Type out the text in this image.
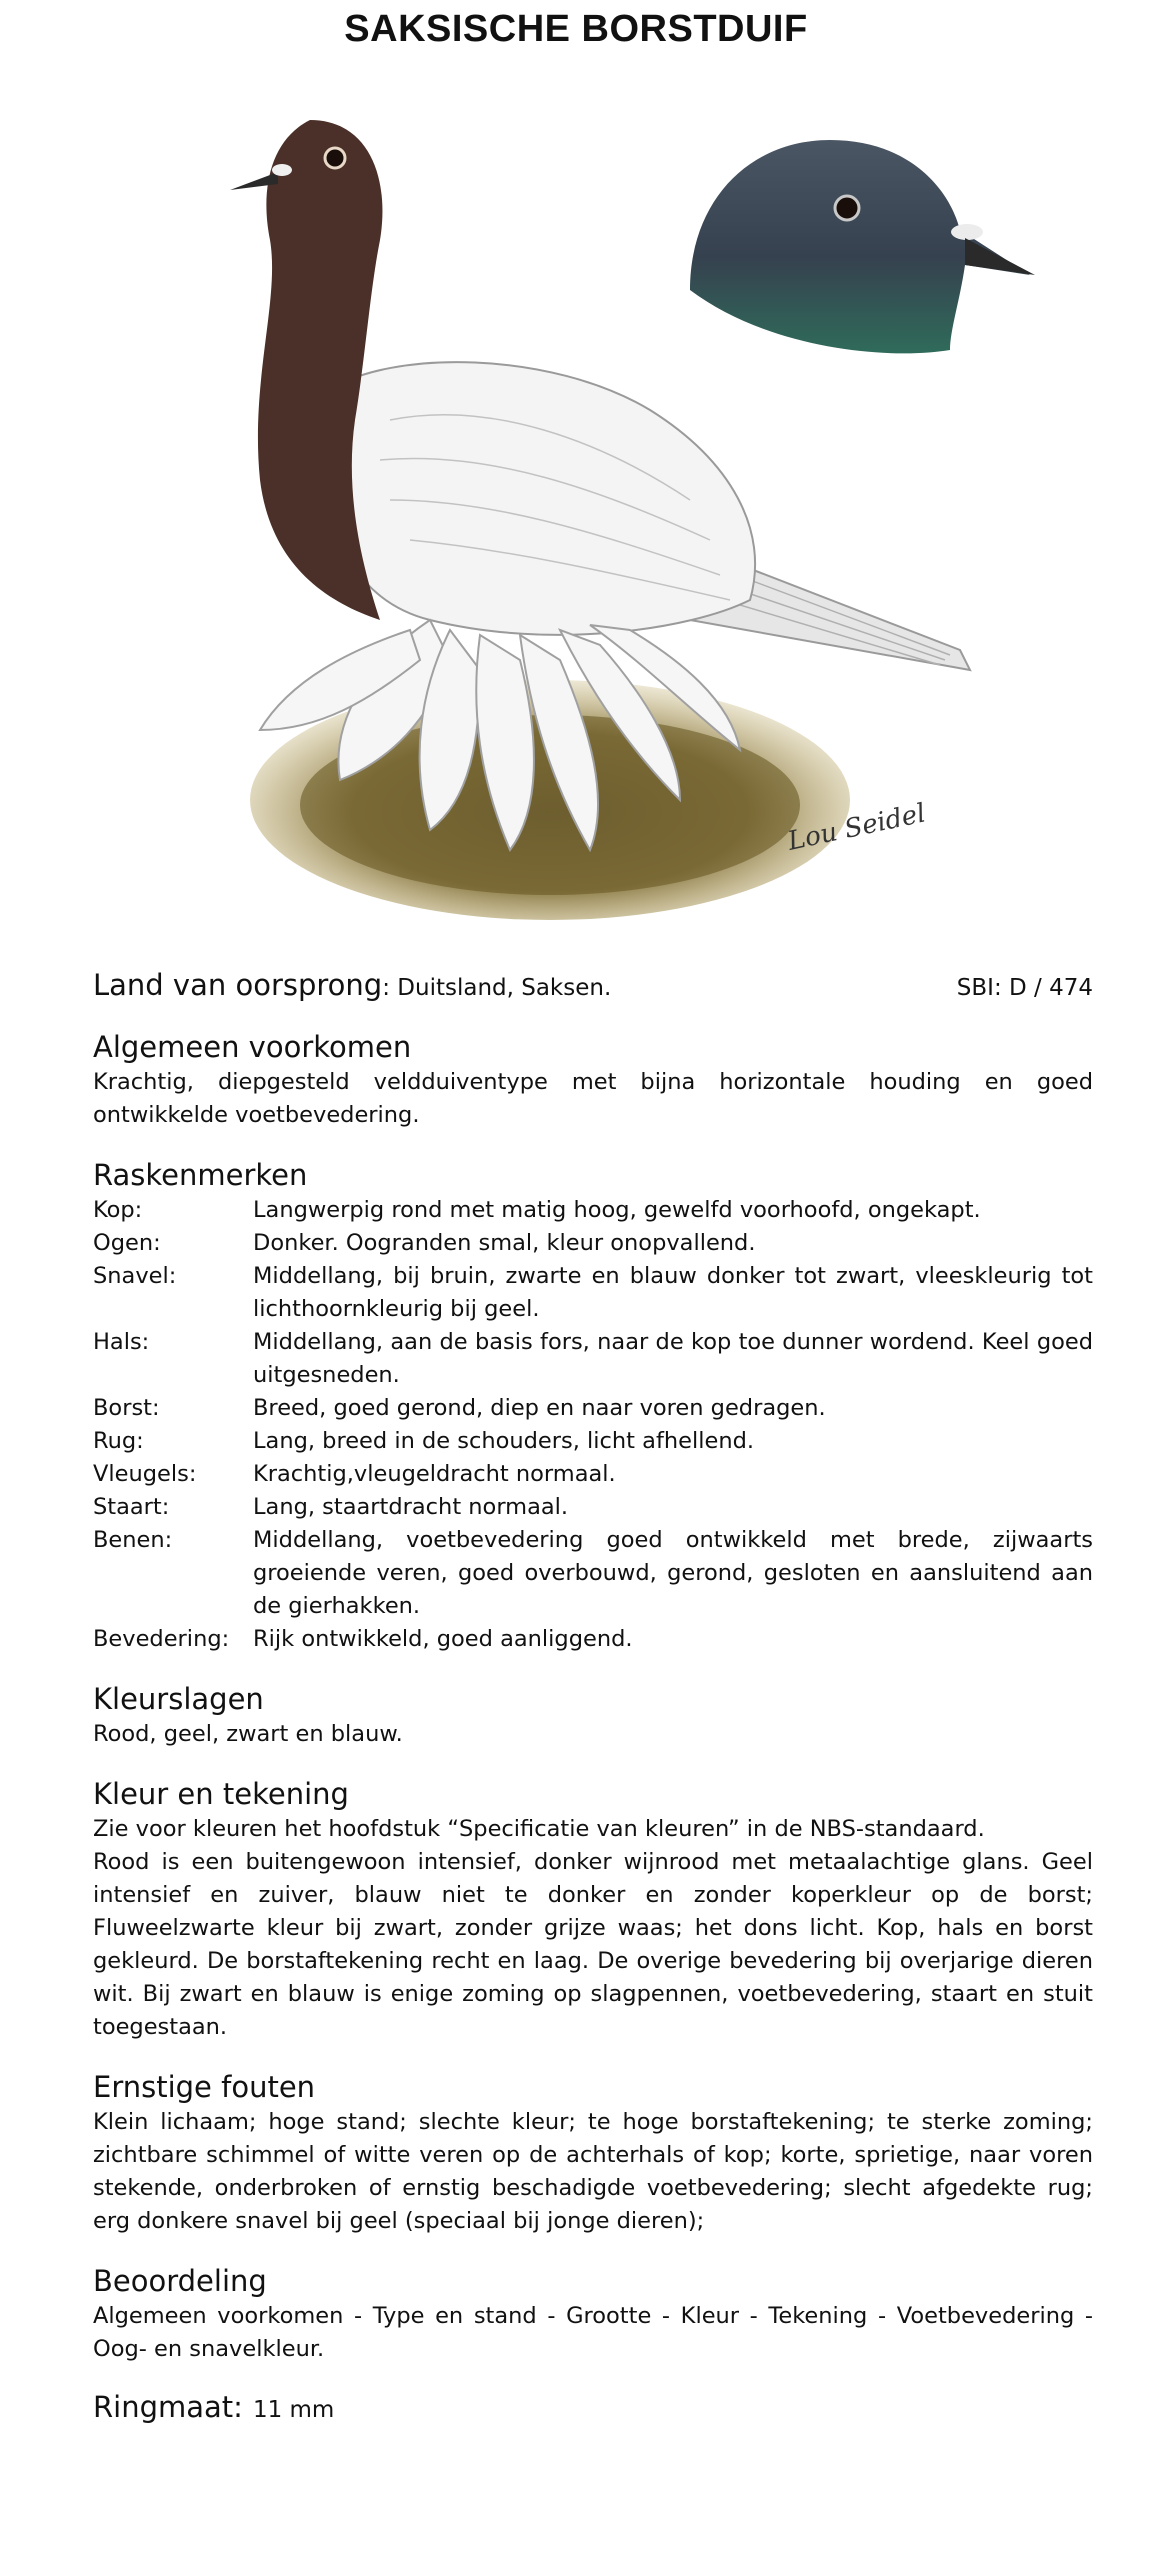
SAKSISCHE BORSTDUIF
Lou Seidel
Land van oorsprong: Duitsland, Saksen.	SBI: D / 474
Algemeen voorkomen

Krachtig, diepgesteld veldduiventype met bijna horizontale houding en goed ontwikkelde voetbevedering.

Raskenmerken
Kop:	Langwerpig rond met matig hoog, gewelfd voorhoofd, ongekapt.
Ogen:	Donker. Oogranden smal, kleur onopvallend.
Snavel:	Middellang, bij bruin, zwarte en blauw donker tot zwart, vleeskleurig tot lichthoornkleurig bij geel.
Hals:	Middellang, aan de basis fors, naar de kop toe dunner wordend. Keel goed uitgesneden.
Borst:	Breed, goed gerond, diep en naar voren gedragen.
Rug:	Lang, breed in de schouders, licht afhellend.
Vleugels:	Krachtig,vleugeldracht normaal.
Staart:	Lang, staartdracht normaal.
Benen:	Middellang, voetbevedering goed ontwikkeld met brede, zijwaarts groeiende veren, goed overbouwd, gerond, gesloten en aansluitend aan de gierhakken.
Bevedering:	Rijk ontwikkeld, goed aanliggend.
Kleurslagen

Rood, geel, zwart en blauw.

Kleur en tekening

Zie voor kleuren het hoofdstuk “Specificatie van kleuren” in de NBS-standaard.

Rood is een buitengewoon intensief, donker wijnrood met metaalachtige glans. Geel intensief en zuiver, blauw niet te donker en zonder koperkleur op de borst; Fluweelzwarte kleur bij zwart, zonder grijze waas; het dons licht. Kop, hals en borst gekleurd. De borstaftekening recht en laag. De overige bevedering bij overjarige dieren wit. Bij zwart en blauw is enige zoming op slagpennen, voetbevedering, staart en stuit toegestaan.

Ernstige fouten

Klein lichaam; hoge stand; slechte kleur; te hoge borstaftekening; te sterke zoming; zichtbare schimmel of witte veren op de achterhals of kop; korte, sprietige, naar voren stekende, onderbroken of ernstig beschadigde voetbevedering; slecht afgedekte rug; erg donkere snavel bij geel (speciaal bij jonge dieren);

Beoordeling

Algemeen voorkomen - Type en stand - Grootte - Kleur - Tekening - Voetbevedering - Oog- en snavelkleur.

Ringmaat: 11 mm
